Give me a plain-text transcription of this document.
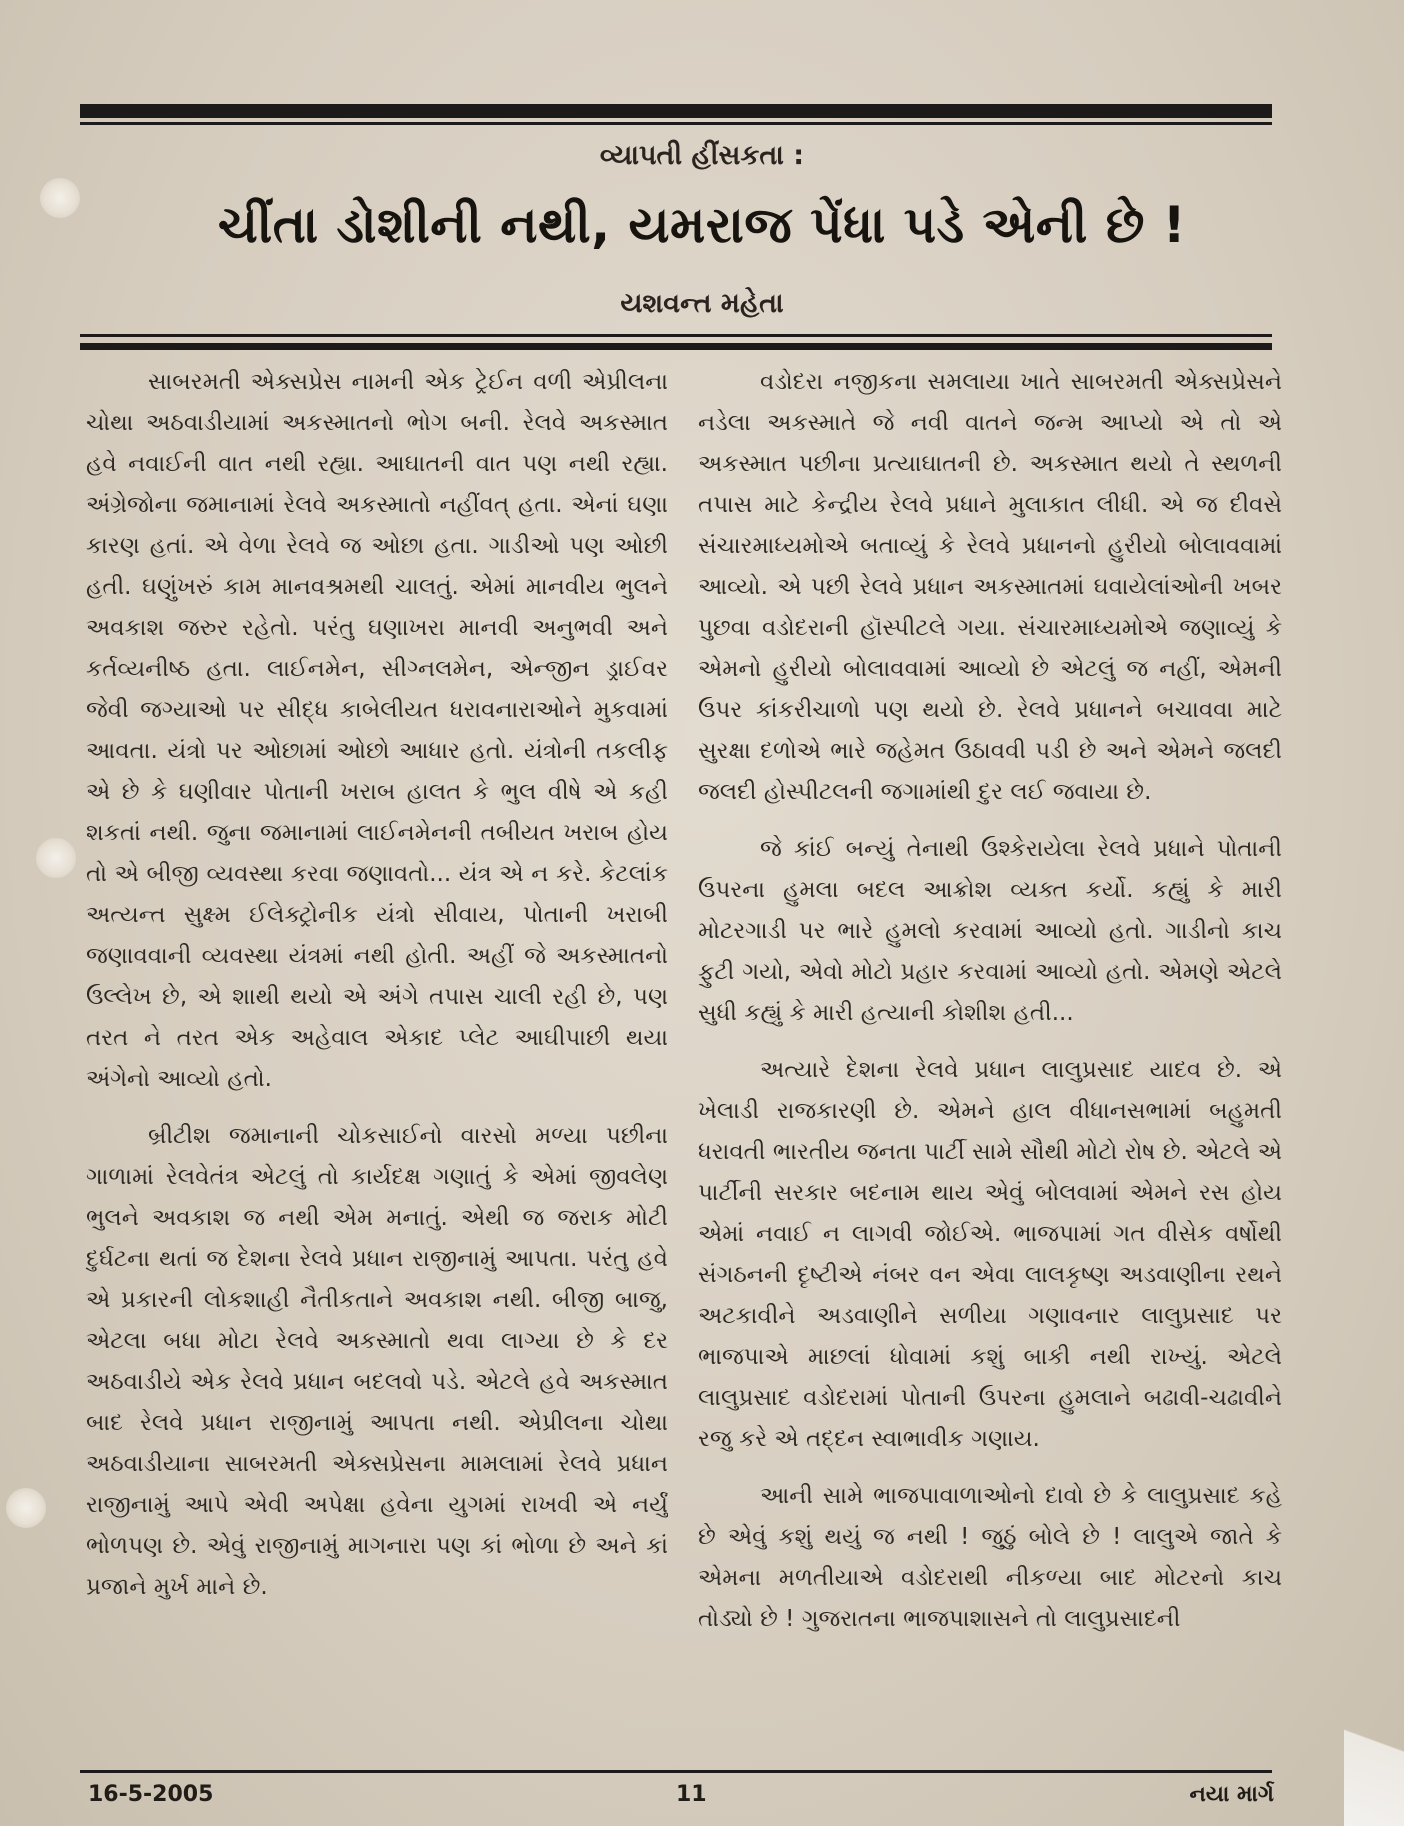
વ્યાપતી હીંસકતા :
ચીંતા ડોશીની નથી, યમરાજ પેંધા પડે એની છે !
યશવન્ત મહેતા

સાબરમતી એક્સપ્રેસ નામની એક ટ્રેઈન વળી એપ્રીલના ચોથા અઠવાડીયામાં અકસ્માતનો ભોગ બની. રેલવે અકસ્માત હવે નવાઈની વાત નથી રહ્યા. આઘાતની વાત પણ નથી રહ્યા. અંગ્રેજોના જમાનામાં રેલવે અકસ્માતો નહીંવત્ હતા. એનાં ઘણા કારણ હતાં. એ વેળા રેલવે જ ઓછા હતા. ગાડીઓ પણ ઓછી હતી. ઘણુંખરું કામ માનવશ્રમથી ચાલતું. એમાં માનવીય ભુલને અવકાશ જરુર રહેતો. પરંતુ ઘણાખરા માનવી અનુભવી અને કર્તવ્યનીષ્ઠ હતા. લાઈનમેન, સીગ્નલમેન, એન્જીન ડ્રાઈવર જેવી જગ્યાઓ પર સીદ્ધ કાબેલીયત ધરાવનારાઓને મુકવામાં આવતા. યંત્રો પર ઓછામાં ઓછો આધાર હતો. યંત્રોની તકલીફ એ છે કે ઘણીવાર પોતાની ખરાબ હાલત કે ભુલ વીષે એ કહી શકતાં નથી. જુના જમાનામાં લાઈનમેનની તબીયત ખરાબ હોય તો એ બીજી વ્યવસ્થા કરવા જણાવતો... યંત્ર એ ન કરે. કેટલાંક અત્યન્ત સુક્ષ્મ ઈલેક્ટ્રોનીક યંત્રો સીવાય, પોતાની ખરાબી જણાવવાની વ્યવસ્થા યંત્રમાં નથી હોતી. અહીં જે અકસ્માતનો ઉલ્લેખ છે, એ શાથી થયો એ અંગે તપાસ ચાલી રહી છે, પણ તરત ને તરત એક અહેવાલ એકાદ પ્લેટ આઘીપાછી થયા અંગેનો આવ્યો હતો.

બ્રીટીશ જમાનાની ચોકસાઈનો વારસો મળ્યા પછીના ગાળામાં રેલવેતંત્ર એટલું તો કાર્યદક્ષ ગણાતું કે એમાં જીવલેણ ભુલને અવકાશ જ નથી એમ મનાતું. એથી જ જરાક મોટી દુર્ઘટના થતાં જ દેશના રેલવે પ્રધાન રાજીનામું આપતા. પરંતુ હવે એ પ્રકારની લોકશાહી નૈતીકતાને અવકાશ નથી. બીજી બાજુ, એટલા બધા મોટા રેલવે અકસ્માતો થવા લાગ્યા છે કે દર અઠવાડીયે એક રેલવે પ્રધાન બદલવો પડે. એટલે હવે અકસ્માત બાદ રેલવે પ્રધાન રાજીનામું આપતા નથી. એપ્રીલના ચોથા અઠવાડીયાના સાબરમતી એક્સપ્રેસના મામલામાં રેલવે પ્રધાન રાજીનામું આપે એવી અપેક્ષા હવેના યુગમાં રાખવી એ નર્યું ભોળપણ છે. એવું રાજીનામું માગનારા પણ કાં ભોળા છે અને કાં પ્રજાને મુર્ખ માને છે.

વડોદરા નજીકના સમલાયા ખાતે સાબરમતી એક્સપ્રેસને નડેલા અકસ્માતે જે નવી વાતને જન્મ આપ્યો એ તો એ અકસ્માત પછીના પ્રત્યાઘાતની છે. અકસ્માત થયો તે સ્થળની તપાસ માટે કેન્દ્રીય રેલવે પ્રધાને મુલાકાત લીધી. એ જ દીવસે સંચારમાધ્યમોએ બતાવ્યું કે રેલવે પ્રધાનનો હુરીયો બોલાવવામાં આવ્યો. એ પછી રેલવે પ્રધાન અકસ્માતમાં ઘવાયેલાંઓની ખબર પુછવા વડોદરાની હૉસ્પીટલે ગયા. સંચારમાધ્યમોએ જણાવ્યું કે એમનો હુરીયો બોલાવવામાં આવ્યો છે એટલું જ નહીં, એમની ઉપર કાંકરીચાળો પણ થયો છે. રેલવે પ્રધાનને બચાવવા માટે સુરક્ષા દળોએ ભારે જહેમત ઉઠાવવી પડી છે અને એમને જલદી જલદી હોસ્પીટલની જગામાંથી દુર લઈ જવાયા છે.

જે કાંઈ બન્યું તેનાથી ઉશ્કેરાયેલા રેલવે પ્રધાને પોતાની ઉપરના હુમલા બદલ આક્રોશ વ્યક્ત કર્યો. કહ્યું કે મારી મોટરગાડી પર ભારે હુમલો કરવામાં આવ્યો હતો. ગાડીનો કાચ ફુટી ગયો, એવો મોટો પ્રહાર કરવામાં આવ્યો હતો. એમણે એટલે સુધી કહ્યું કે મારી હત્યાની કોશીશ હતી...

અત્યારે દેશના રેલવે પ્રધાન લાલુપ્રસાદ યાદવ છે. એ ખેલાડી રાજકારણી છે. એમને હાલ વીધાનસભામાં બહુમતી ધરાવતી ભારતીય જનતા પાર્ટી સામે સૌથી મોટો રોષ છે. એટલે એ પાર્ટીની સરકાર બદનામ થાય એવું બોલવામાં એમને રસ હોય એમાં નવાઈ ન લાગવી જોઈએ. ભાજપામાં ગત વીસેક વર્ષોથી સંગઠનની દૃષ્ટીએ નંબર વન એવા લાલકૃષ્ણ અડવાણીના રથને અટકાવીને અડવાણીને સળીયા ગણાવનાર લાલુપ્રસાદ પર ભાજપાએ માછલાં ધોવામાં કશું બાકી નથી રાખ્યું. એટલે લાલુપ્રસાદ વડોદરામાં પોતાની ઉપરના હુમલાને બઢાવી-ચઢાવીને રજુ કરે એ તદ્દન સ્વાભાવીક ગણાય.

આની સામે ભાજપાવાળાઓનો દાવો છે કે લાલુપ્રસાદ કહે છે એવું કશું થયું જ નથી ! જુઠું બોલે છે ! લાલુએ જાતે કે એમના મળતીયાએ વડોદરાથી નીકળ્યા બાદ મોટરનો કાચ તોડ્યો છે ! ગુજરાતના ભાજપાશાસને તો લાલુપ્રસાદની

16-5-2005	11	નયા માર્ગ
